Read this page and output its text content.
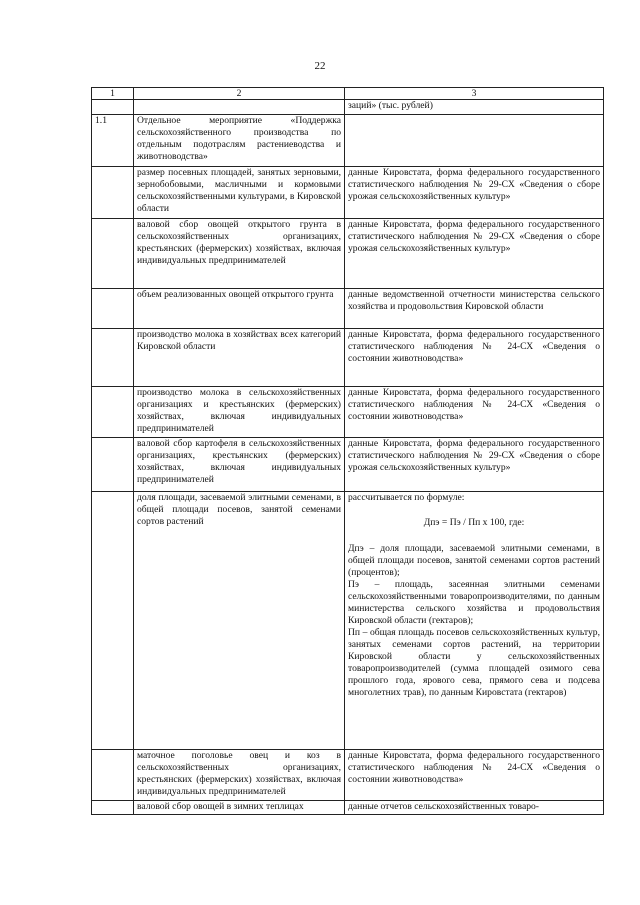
22
1	2	3
		заций» (тыс. рублей)
1.1	Отдельное мероприятие «Поддержка сельскохозяйственного производства по отдельным подотраслям растениеводства и животноводства»	
	размер посевных площадей, занятых зерновыми, зернобобовыми, масличными и кормовыми сельскохозяйственными культурами, в Кировской области	данные Кировстата, форма федерального государственного статистического наблюдения № 29-СХ «Сведения о сборе урожая сельскохозяйственных культур»
	валовой сбор овощей открытого грунта в сельскохозяйственных организациях, крестьянских (фермерских) хозяйствах, включая индивидуальных предпринимателей	данные Кировстата, форма федерального государственного статистического наблюдения № 29-СХ «Сведения о сборе урожая сельскохозяйственных культур»
	объем реализованных овощей открытого грунта	данные ведомственной отчетности министерства сельского хозяйства и продовольствия Кировской области
	производство молока в хозяйствах всех категорий Кировской области	данные Кировстата, форма федерального государственного статистического наблюдения № 24-СХ «Сведения о состоянии животноводства»
	производство молока в сельскохозяйственных организациях и крестьянских (фермерских) хозяйствах, включая индивидуальных предпринимателей	данные Кировстата, форма федерального государственного статистического наблюдения № 24-СХ «Сведения о состоянии животноводства»
	валовой сбор картофеля в сельскохозяйственных организациях, крестьянских (фермерских) хозяйствах, включая индивидуальных предпринимателей	данные Кировстата, форма федерального государственного статистического наблюдения № 29-СХ «Сведения о сборе урожая сельскохозяйственных культур»
	доля площади, засеваемой элитными семенами, в общей площади посевов, занятой семенами сортов растений	рассчитывается по формуле:
Дпэ = Пэ / Пп х 100, где:
Дпэ – доля площади, засеваемой элитными семенами, в общей площади посевов, занятой семенами сортов растений (процентов);
Пэ – площадь, засеянная элитными семенами сельскохозяйственными товаропроизводителями, по данным министерства сельского хозяйства и продовольствия Кировской области (гектаров);
Пп – общая площадь посевов сельскохозяйственных культур, занятых семенами сортов растений, на территории Кировской области у сельскохозяйственных товаропроизводителей (сумма площадей озимого сева прошлого года, ярового сева, прямого сева и подсева многолетних трав), по данным Кировстата (гектаров)

	маточное поголовье овец и коз в сельскохозяйственных организациях, крестьянских (фермерских) хозяйствах, включая индивидуальных предпринимателей	данные Кировстата, форма федерального государственного статистического наблюдения № 24-СХ «Сведения о состоянии животноводства»
	валовой сбор овощей в зимних теплицах	данные отчетов сельскохозяйственных товаро-
